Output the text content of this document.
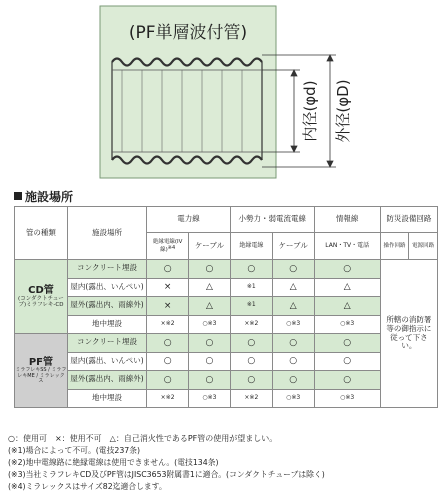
(PF単層波付管)
内径(φd) 外径(φD)
施設場所
管の種類	施設場所	電力線		小勢力・弱電流電線		情報線	防災設備回路	
		絶縁電線(IV線)$^{※4}$	ケーブル	絶縁電線	ケーブル	LAN・TV・電話	操作回路	電源回路

CD管
(コンダクトチューブ)ミラフレキ-CD	コンクリート埋設	○	○	○	○	○	所轄の消防署等の御指示に従って下さい。	
	屋内(露出、いんぺい)	×	△	※1	△	△		
	屋外(露出内、雨線外)	×	△	※1	△	△		
	地中埋設	×※2	○※3	×※2	○※3	○※3		

PF管
ミラフレキSS / ミラフレキME / ミラレックス	コンクリート埋設	○	○	○	○	○		
	屋内(露出、いんぺい)	○	○	○	○	○		
	屋外(露出内、雨線外)	○	○	○	○	○		
	地中埋設	×※2	○※3	×※2	○※3	○※3		
○：使用可　×：使用不可　△：自己消火性であるPF管の使用が望ましい。
(※1)場合によって不可。(電技237条)
(※2)地中電線路に絶縁電線は使用できません。(電技134条)
(※3)当社ミラフレキCD及びPF管はJISC3653附属書1に適合。(コンダクトチューブは除く)
(※4)ミラレックスはサイズ82迄適合します。
